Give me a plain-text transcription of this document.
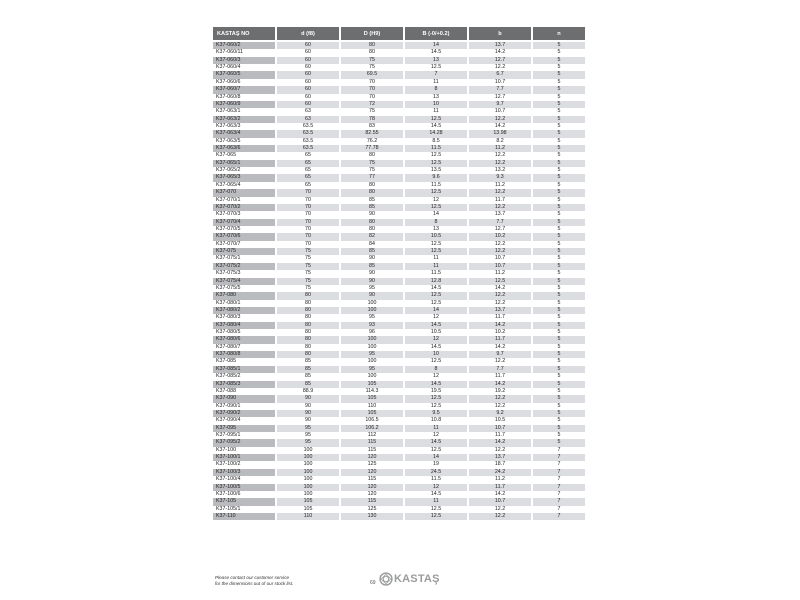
KASTAŞ NO	d (f8)	D (H9)	B (-0/+0.2)	b	n

K37-060/2	60	80	14	13.7	5
K37-060/11	60	80	14.5	14.2	5
K37-060/3	60	75	13	12.7	5
K37-060/4	60	75	12.5	12.2	5
K37-060/5	60	69.5	7	6.7	5
K37-060/6	60	70	11	10.7	5
K37-060/7	60	70	8	7.7	5
K37-060/8	60	70	13	12.7	5
K37-060/9	60	72	10	9.7	5
K37-063/1	63	75	11	10.7	5
K37-063/2	63	78	12.5	12.2	5
K37-063/3	63.5	83	14.5	14.2	5
K37-063/4	63.5	82.55	14.28	13.98	5
K37-063/5	63.5	76.2	8.5	8.2	5
K37-063/6	63.5	77.78	11.5	11.2	5
K37-065	65	80	12.5	12.2	5
K37-065/1	65	75	12.5	12.2	5
K37-065/2	65	75	13.5	13.2	5
K37-065/3	65	77	9.6	9.3	5
K37-065/4	65	80	11.5	11.2	5
K37-070	70	80	12.5	12.2	5
K37-070/1	70	85	12	11.7	5
K37-070/2	70	85	12.5	12.2	5
K37-070/3	70	90	14	13.7	5
K37-070/4	70	80	8	7.7	5
K37-070/5	70	80	13	12.7	5
K37-070/6	70	82	10.5	10.2	5
K37-070/7	70	84	12.5	12.2	5
K37-075	75	85	12.5	12.2	5
K37-075/1	75	90	11	10.7	5
K37-075/2	75	85	11	10.7	5
K37-075/3	75	90	11.5	11.2	5
K37-075/4	75	90	12.8	12.5	5
K37-075/5	75	95	14.5	14.2	5
K37-080	80	90	12.5	12.2	5
K37-080/1	80	100	12.5	12.2	5
K37-080/2	80	100	14	13.7	5
K37-080/3	80	95	12	11.7	5
K37-080/4	80	93	14.5	14.2	5
K37-080/5	80	96	10.5	10.2	5
K37-080/6	80	100	12	11.7	5
K37-080/7	80	100	14.5	14.2	5
K37-080/8	80	95	10	9.7	5
K37-085	85	100	12.5	12.2	5
K37-085/1	85	95	8	7.7	5
K37-085/2	85	100	12	11.7	5
K37-085/3	85	105	14.5	14.2	5
K37-088	88.9	114.3	19.5	19.2	5
K37-090	90	105	12.5	12.2	5
K37-090/1	90	110	12.5	12.2	5
K37-090/2	90	105	9.5	9.2	5
K37-090/4	90	106.5	10.8	10.5	5
K37-095	95	106.2	11	10.7	5
K37-095/1	95	112	12	11.7	5
K37-095/2	95	115	14.5	14.2	5
K37-100	100	115	12.5	12.2	7
K37-100/1	100	120	14	13.7	7
K37-100/2	100	125	19	18.7	7
K37-100/3	100	120	24.5	24.2	7
K37-100/4	100	115	11.5	11.2	7
K37-100/5	100	120	12	11.7	7
K37-100/6	100	120	14.5	14.2	7
K37-105	105	115	11	10.7	7
K37-105/1	105	125	12.5	12.2	7
K37-110	110	130	12.5	12.2	7
Please contact our customer service
for the dimensions out of our stock list.	69 KASTAŞ
